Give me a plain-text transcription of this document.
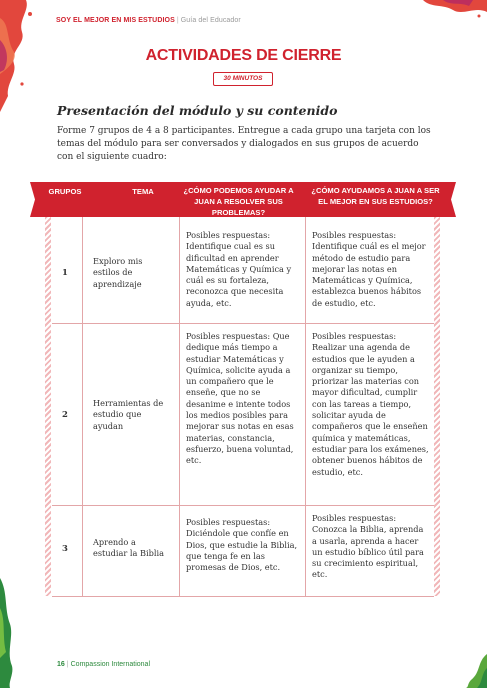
SOY EL MEJOR EN MIS ESTUDIOS | Guía del Educador
ACTIVIDADES DE CIERRE
30 MINUTOS
Presentación del módulo y su contenido
Forme 7 grupos de 4 a 8 participantes. Entregue a cada grupo una tarjeta con los temas del módulo para ser conversados y dialogados en sus grupos de acuerdo con el siguiente cuadro:
GRUPOS	TEMA	¿CÓMO PODEMOS AYUDAR A JUAN A RESOLVER SUS PROBLEMAS?
¿CÓMO AYUDAMOS A JUAN A SER EL MEJOR EN SUS ESTUDIOS?
1
Exploro mis estilos de aprendizaje
Posibles respuestas: Identifique cual es su dificultad en aprender Matemáticas y Química y cuál es su fortaleza, reconozca que necesita ayuda, etc.
Posibles respuestas: Identifique cuál es el mejor método de estudio para mejorar las notas en Matemáticas y Química, establezca buenos hábitos de estudio, etc.
2
Herramientas de estudio que ayudan
Posibles respuestas: Que dedique más tiempo a estudiar Matemáticas y Química, solicite ayuda a un compañero que le enseñe, que no se desanime e intente todos los medios posibles para mejorar sus notas en esas materias, constancia, esfuerzo, buena voluntad, etc.
Posibles respuestas: Realizar una agenda de estudios que le ayuden a organizar su tiempo, priorizar las materias con mayor dificultad, cumplir con las tareas a tiempo, solicitar ayuda de compañeros que le enseñen química y matemáticas, estudiar para los exámenes, obtener buenos hábitos de estudio, etc.
3
Aprendo a estudiar la Biblia
Posibles respuestas: Diciéndole que confíe en Dios, que estudie la Biblia, que tenga fe en las promesas de Dios, etc.
Posibles respuestas: Conozca la Biblia, aprenda a usarla, aprenda a hacer un estudio bíblico útil para su crecimiento espiritual, etc.
16 | Compassion International
